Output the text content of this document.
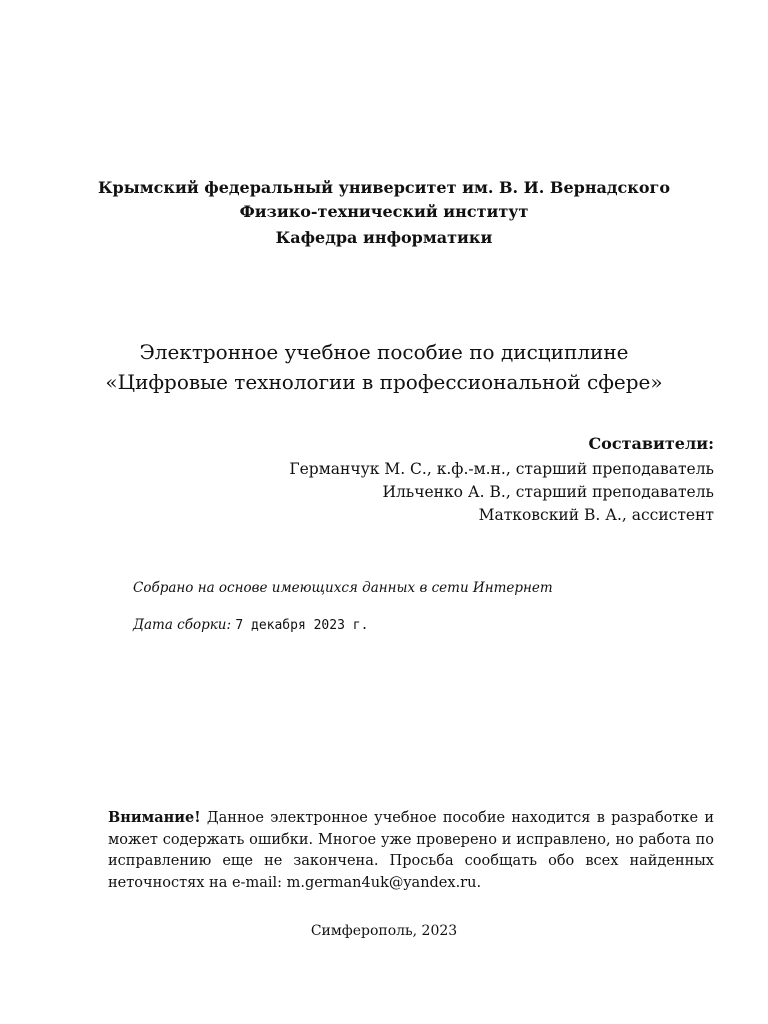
Крымский федеральный университет им. В. И. Вернадского
Физико-технический институт
Кафедра информатики
Электронное учебное пособие по дисциплине
«Цифровые технологии в профессиональной сфере»
Составители:
Германчук М. С., к.ф.-м.н., старший преподаватель
Ильченко А. В., старший преподаватель
Матковский В. А., ассистент
Собрано на основе имеющихся данных в сети Интернет
Дата сборки: 7 декабря 2023 г.
Внимание! Данное электронное учебное пособие находится в разработке и может содержать ошибки. Многое уже проверено и исправлено, но работа по исправлению еще не закончена. Просьба сообщать обо всех найденных неточностях на e-mail: m.german4uk@yandex.ru.
Симферополь, 2023
